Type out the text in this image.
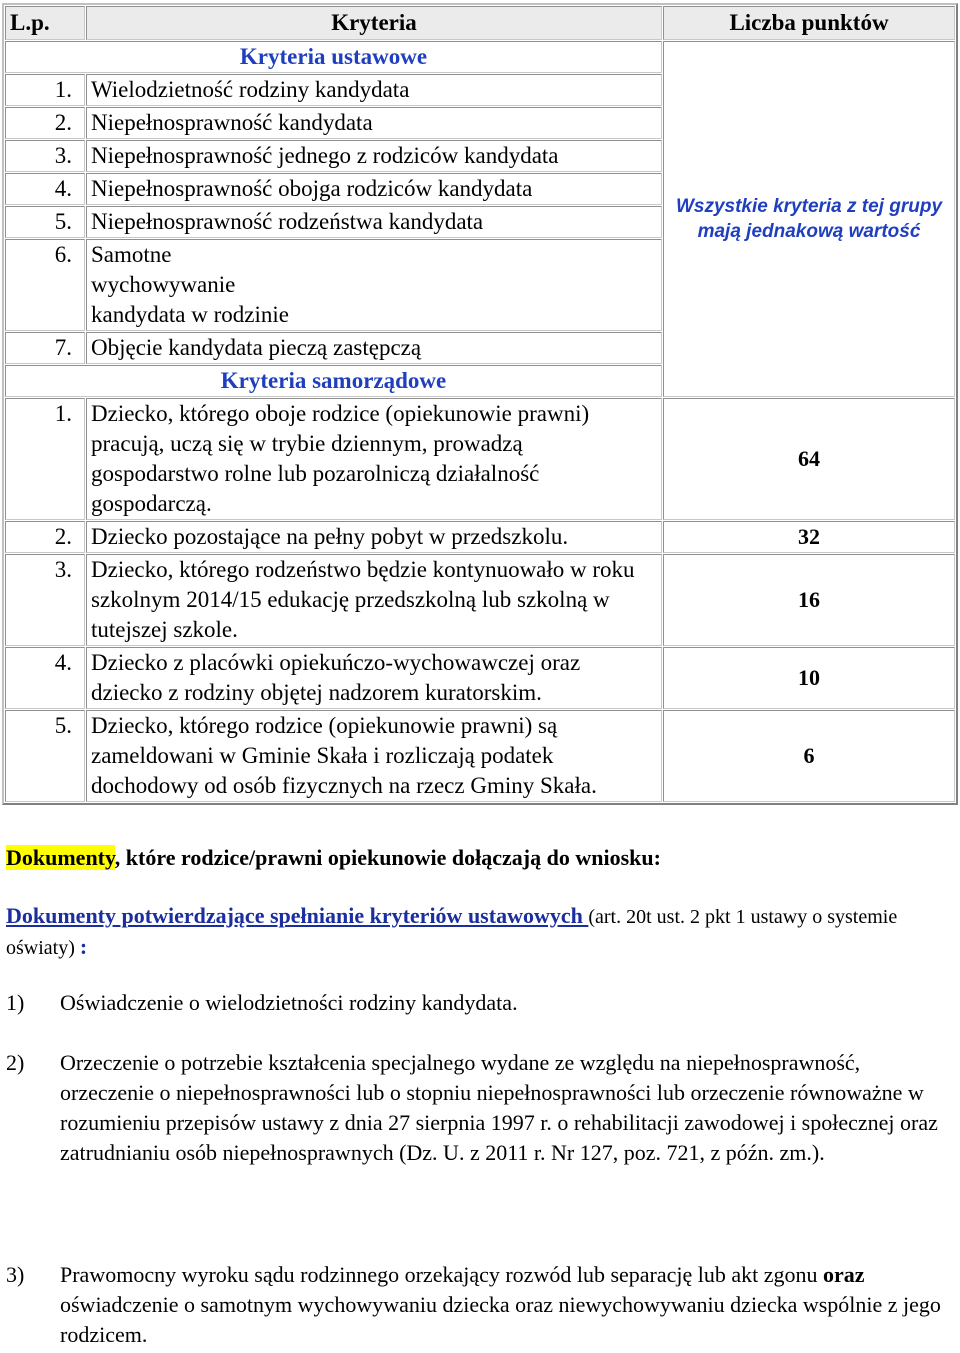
L.p.	Kryteria	Liczba punktów
Kryteria ustawowe		Wszystkie kryteria z tej grupy mają jednakową wartość
1.	Wielodzietność rodziny kandydata	
2.	Niepełnosprawność kandydata	
3.	Niepełnosprawność jednego z rodziców kandydata	
4.	Niepełnosprawność obojga rodziców kandydata	
5.	Niepełnosprawność rodzeństwa kandydata	
6.	Samotne wychowywanie kandydata w rodzinie	
7.	Objęcie kandydata pieczą zastępczą	
Kryteria samorządowe		
1.	Dziecko, którego oboje rodzice (opiekunowie prawni) pracują, uczą się w trybie dziennym, prowadzą gospodarstwo rolne lub pozarolniczą działalność gospodarczą.	64
2.	Dziecko pozostające na pełny pobyt w przedszkolu.	32
3.	Dziecko, którego rodzeństwo będzie kontynuowało w roku szkolnym 2014/15 edukację przedszkolną lub szkolną w tutejszej szkole.	16
4.	Dziecko z placówki opiekuńczo-wychowawczej oraz dziecko z rodziny objętej nadzorem kuratorskim.	10
5.	Dziecko, którego rodzice (opiekunowie prawni) są zameldowani w Gminie Skała i rozliczają podatek dochodowy od osób fizycznych na rzecz Gminy Skała.	6
Dokumenty, które rodzice/prawni opiekunowie dołączają do wniosku:
Dokumenty potwierdzające spełnianie kryteriów ustawowych (art. 20t ust. 2 pkt 1 ustawy o systemie oświaty) :
1) Oświadczenie o wielodzietności rodziny kandydata.
2) Orzeczenie o potrzebie kształcenia specjalnego wydane ze względu na niepełnosprawność, orzeczenie o niepełnosprawności lub o stopniu niepełnosprawności lub orzeczenie równoważne w rozumieniu przepisów ustawy z dnia 27 sierpnia 1997 r. o rehabilitacji zawodowej i społecznej oraz zatrudnianiu osób niepełnosprawnych (Dz. U. z 2011 r. Nr 127, poz. 721, z późn. zm.).
3) Prawomocny wyroku sądu rodzinnego orzekający rozwód lub separację lub akt zgonu oraz oświadczenie o samotnym wychowywaniu dziecka oraz niewychowywaniu dziecka wspólnie z jego rodzicem.
